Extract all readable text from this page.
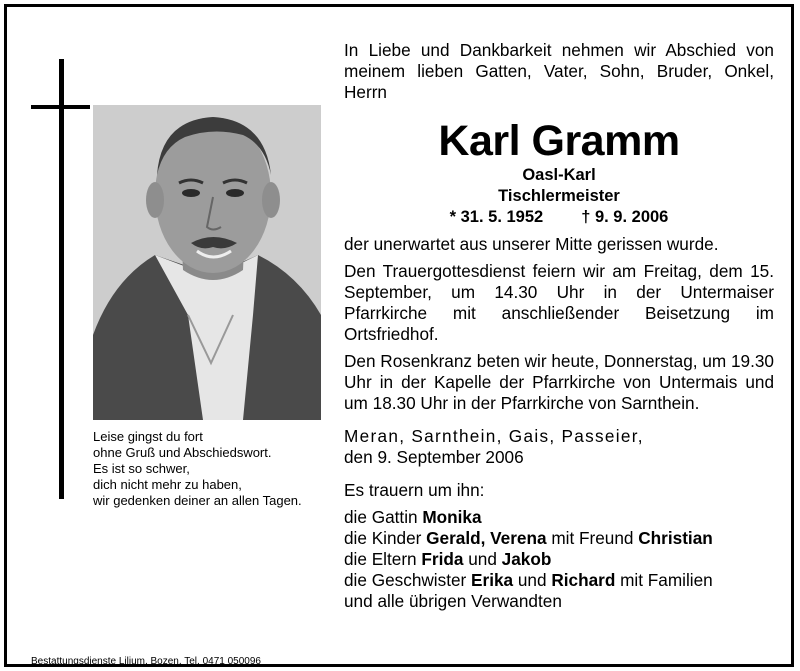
Leise gingst du fort
ohne Gruß und Abschiedswort.
Es ist so schwer,
dich nicht mehr zu haben,
wir gedenken deiner an allen Tagen.
Bestattungsdienste Lilium, Bozen, Tel. 0471 050096
In Liebe und Dankbarkeit nehmen wir Abschied von meinem lieben Gatten, Vater, Sohn, Bruder, Onkel, Herrn
Karl Gramm
Oasl-Karl
Tischlermeister
* 31. 5. 1952 † 9. 9. 2006
der unerwartet aus unserer Mitte gerissen wurde.
Den Trauergottesdienst feiern wir am Freitag, dem 15. September, um 14.30 Uhr in der Untermaiser Pfarrkirche mit anschließender Beisetzung im Ortsfriedhof.
Den Rosenkranz beten wir heute, Donnerstag, um 19.30 Uhr in der Kapelle der Pfarrkirche von Untermais und um 18.30 Uhr in der Pfarrkirche von Sarnthein.
Meran, Sarnthein, Gais, Passeier,
den 9. September 2006
Es trauern um ihn:
die Gattin Monika
die Kinder Gerald, Verena mit Freund Christian
die Eltern Frida und Jakob
die Geschwister Erika und Richard mit Familien
und alle übrigen Verwandten
